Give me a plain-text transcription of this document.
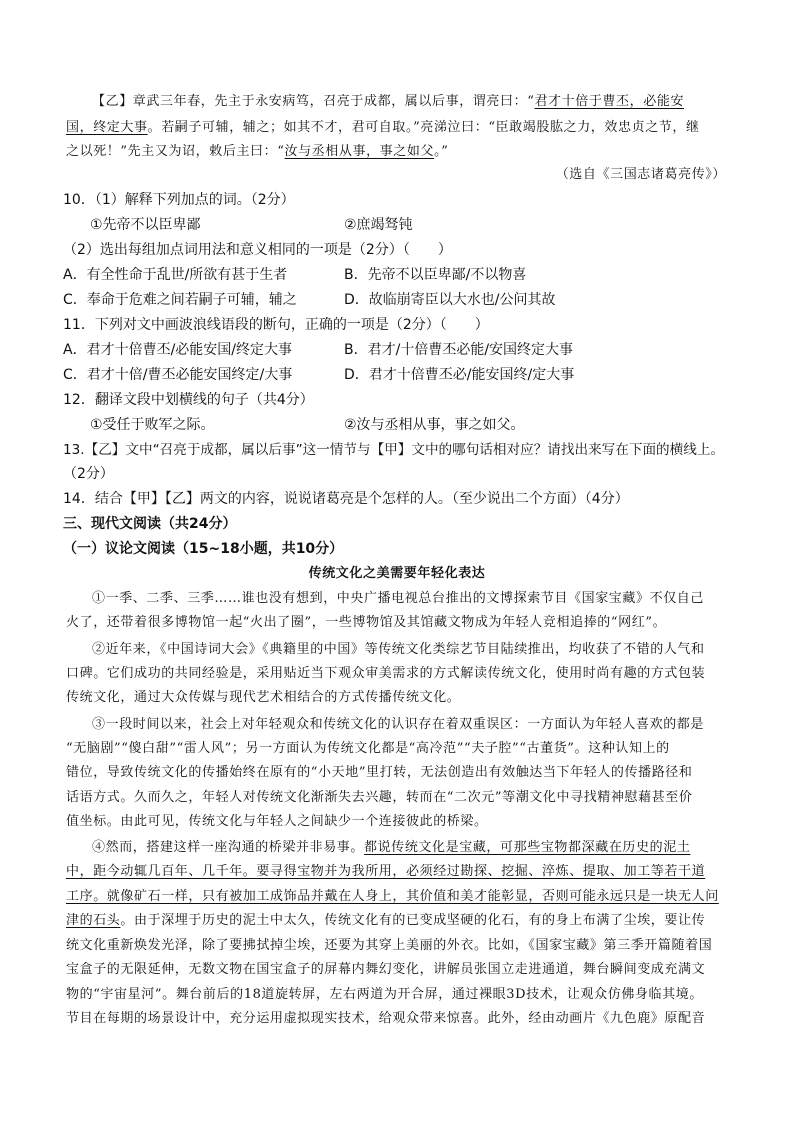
【乙】章武三年春，先主于永安病笃，召亮于成都，属以后事，谓亮曰：“君才十倍于曹丕，必能安
国，终定大事。若嗣子可辅，辅之；如其不才，君可自取。”亮涕泣曰：“臣敢竭股肱之力，效忠贞之节，继
之以死！”先主又为诏，敕后主曰：“汝与丞相从事，事之如父。”
（选自《三国志诸葛亮传》）
10．（1）解释下列加点的词。（2分）
①先帝不以臣卑鄙	②庶竭驽钝
（2）选出每组加点词用法和意义相同的一项是（2分）（　　）
A．有全性命于乱世/所欲有甚于生者	B．先帝不以臣卑鄙/不以物喜
C．奉命于危难之间若嗣子可辅，辅之	D．故临崩寄臣以大水也/公问其故
11．下列对文中画波浪线语段的断句，正确的一项是（2分）（　　）
A．君才十倍曹丕/必能安国/终定大事	B．君才/十倍曹丕必能/安国终定大事
C．君才十倍/曹丕必能安国终定/大事	D．君才十倍曹丕必/能安国终/定大事
12．翻译文段中划横线的句子（共4分）
①受任于败军之际。	②汝与丞相从事，事之如父。
13.【乙】文中“召亮于成都，属以后事”这一情节与【甲】文中的哪句话相对应？请找出来写在下面的横线上。
（2分）
14．结合【甲】【乙】两文的内容，说说诸葛亮是个怎样的人。（至少说出二个方面）（4分）
三、现代文阅读（共24分）
（一）议论文阅读（15~18小题，共10分）
传统文化之美需要年轻化表达
①一季、二季、三季……谁也没有想到，中央广播电视总台推出的文博探索节目《国家宝藏》不仅自己
火了，还带着很多博物馆一起“火出了圈”，一些博物馆及其馆藏文物成为年轻人竞相追捧的“网红”。
②近年来，《中国诗词大会》《典籍里的中国》等传统文化类综艺节目陆续推出，均收获了不错的人气和
口碑。它们成功的共同经验是，采用贴近当下观众审美需求的方式解读传统文化，使用时尚有趣的方式包装
传统文化，通过大众传媒与现代艺术相结合的方式传播传统文化。
③一段时间以来，社会上对年轻观众和传统文化的认识存在着双重误区：一方面认为年轻人喜欢的都是
“无脑剧”“傻白甜”“雷人风”；另一方面认为传统文化都是“高冷范”“夫子腔”“古董货”。这种认知上的
错位，导致传统文化的传播始终在原有的“小天地”里打转，无法创造出有效触达当下年轻人的传播路径和
话语方式。久而久之，年轻人对传统文化渐渐失去兴趣，转而在“二次元”等潮文化中寻找精神慰藉甚至价
值坐标。由此可见，传统文化与年轻人之间缺少一个连接彼此的桥梁。
④然而，搭建这样一座沟通的桥梁并非易事。都说传统文化是宝藏，可那些宝物都深藏在历史的泥土
中，距今动辄几百年、几千年。要寻得宝物并为我所用，必须经过勘探、挖掘、淬炼、提取、加工等若干道
工序。就像矿石一样，只有被加工成饰品并戴在人身上，其价值和美才能彰显，否则可能永远只是一块无人问
津的石头。由于深埋于历史的泥土中太久，传统文化有的已变成坚硬的化石，有的身上布满了尘埃，要让传
统文化重新焕发光泽，除了要拂拭掉尘埃，还要为其穿上美丽的外衣。比如，《国家宝藏》第三季开篇随着国
宝盒子的无限延伸，无数文物在国宝盒子的屏幕内舞幻变化，讲解员张国立走进通道，舞台瞬间变成充满文
物的“宇宙星河”。舞台前后的18道旋转屏，左右两道为开合屏，通过裸眼3D技术，让观众仿佛身临其境。
节目在每期的场景设计中，充分运用虚拟现实技术，给观众带来惊喜。此外，经由动画片《九色鹿》原配音
